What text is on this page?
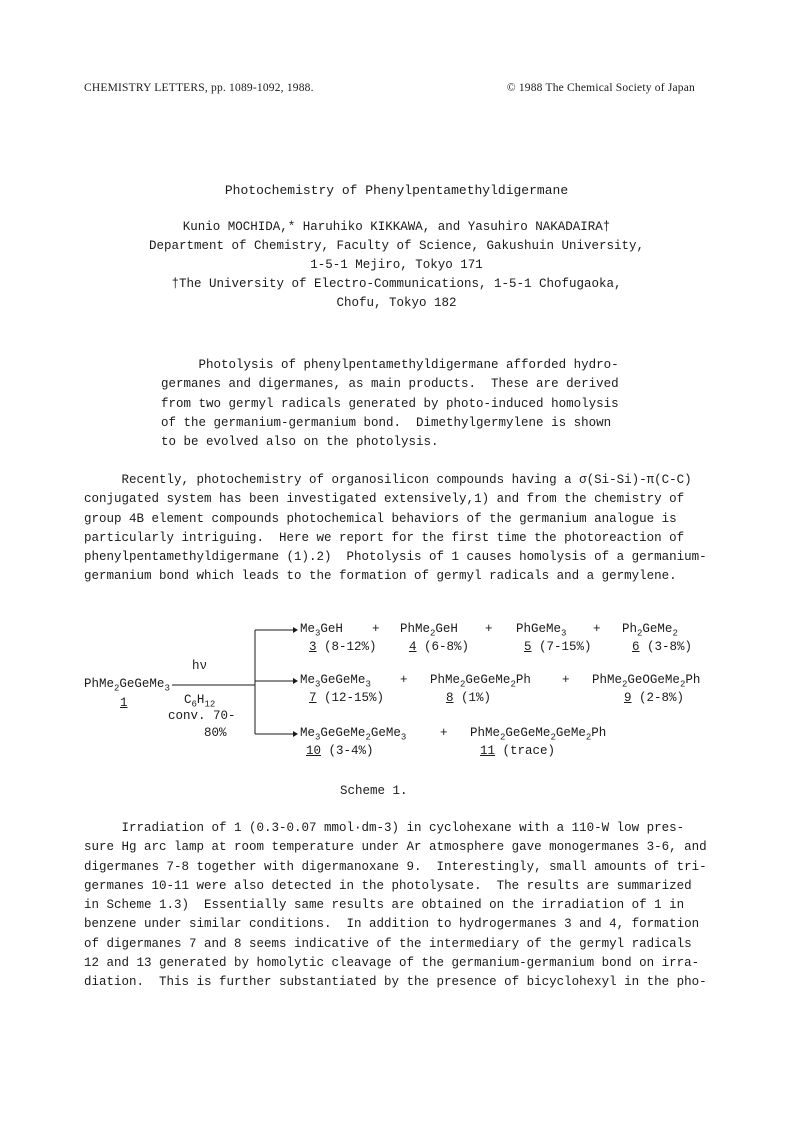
CHEMISTRY LETTERS, pp. 1089-1092, 1988.	© 1988 The Chemical Society of Japan
Photochemistry of Phenylpentamethyldigermane
Kunio MOCHIDA,* Haruhiko KIKKAWA, and Yasuhiro NAKADAIRA†
Department of Chemistry, Faculty of Science, Gakushuin University,
1-5-1 Mejiro, Tokyo 171
†The University of Electro-Communications, 1-5-1 Chofugaoka,
Chofu, Tokyo 182
Photolysis of phenylpentamethyldigermane afforded hydro-
germanes and digermanes, as main products.  These are derived
from two germyl radicals generated by photo-induced homolysis
of the germanium-germanium bond.  Dimethylgermylene is shown
to be evolved also on the photolysis.
Recently, photochemistry of organosilicon compounds having a σ(Si-Si)-π(C-C)
conjugated system has been investigated extensively,1) and from the chemistry of
group 4B element compounds photochemical behaviors of the germanium analogue is
particularly intriguing.  Here we report for the first time the photoreaction of
phenylpentamethyldigermane (1).2)  Photolysis of 1 causes homolysis of a germanium-
germanium bond which leads to the formation of germyl radicals and a germylene.
PhMe$_2$GeGeMe$_3$
1
hν
$C_6H_{12}$
conv. 70-
80%
$Me_3GeH$ + PhMe$_2$GeH + PhGeMe$_3$ + $Ph_2GeMe_2$
3 (8-12%)	4 (6-8%)	5 (7-15%)	6 (3-8%)
$Me_3GeGeMe_3$ + PhMe$_2$GeGeMe$_2$Ph + PhMe$_2$GeOGeMe$_2$Ph
7 (12-15%)	8 (1%)	9 (2-8%)
$Me_3GeGeMe_2GeMe_3$	+ PhMe$_2$GeGeMe$_2$GeMe$_2$Ph
10 (3-4%)	11 (trace)
Scheme 1.
Irradiation of 1 (0.3-0.07 mmol·dm-3) in cyclohexane with a 110-W low pres-
sure Hg arc lamp at room temperature under Ar atmosphere gave monogermanes 3-6, and
digermanes 7-8 together with digermanoxane 9.  Interestingly, small amounts of tri-
germanes 10-11 were also detected in the photolysate.  The results are summarized
in Scheme 1.3)  Essentially same results are obtained on the irradiation of 1 in
benzene under similar conditions.  In addition to hydrogermanes 3 and 4, formation
of digermanes 7 and 8 seems indicative of the intermediary of the germyl radicals
12 and 13 generated by homolytic cleavage of the germanium-germanium bond on irra-
diation.  This is further substantiated by the presence of bicyclohexyl in the pho-
